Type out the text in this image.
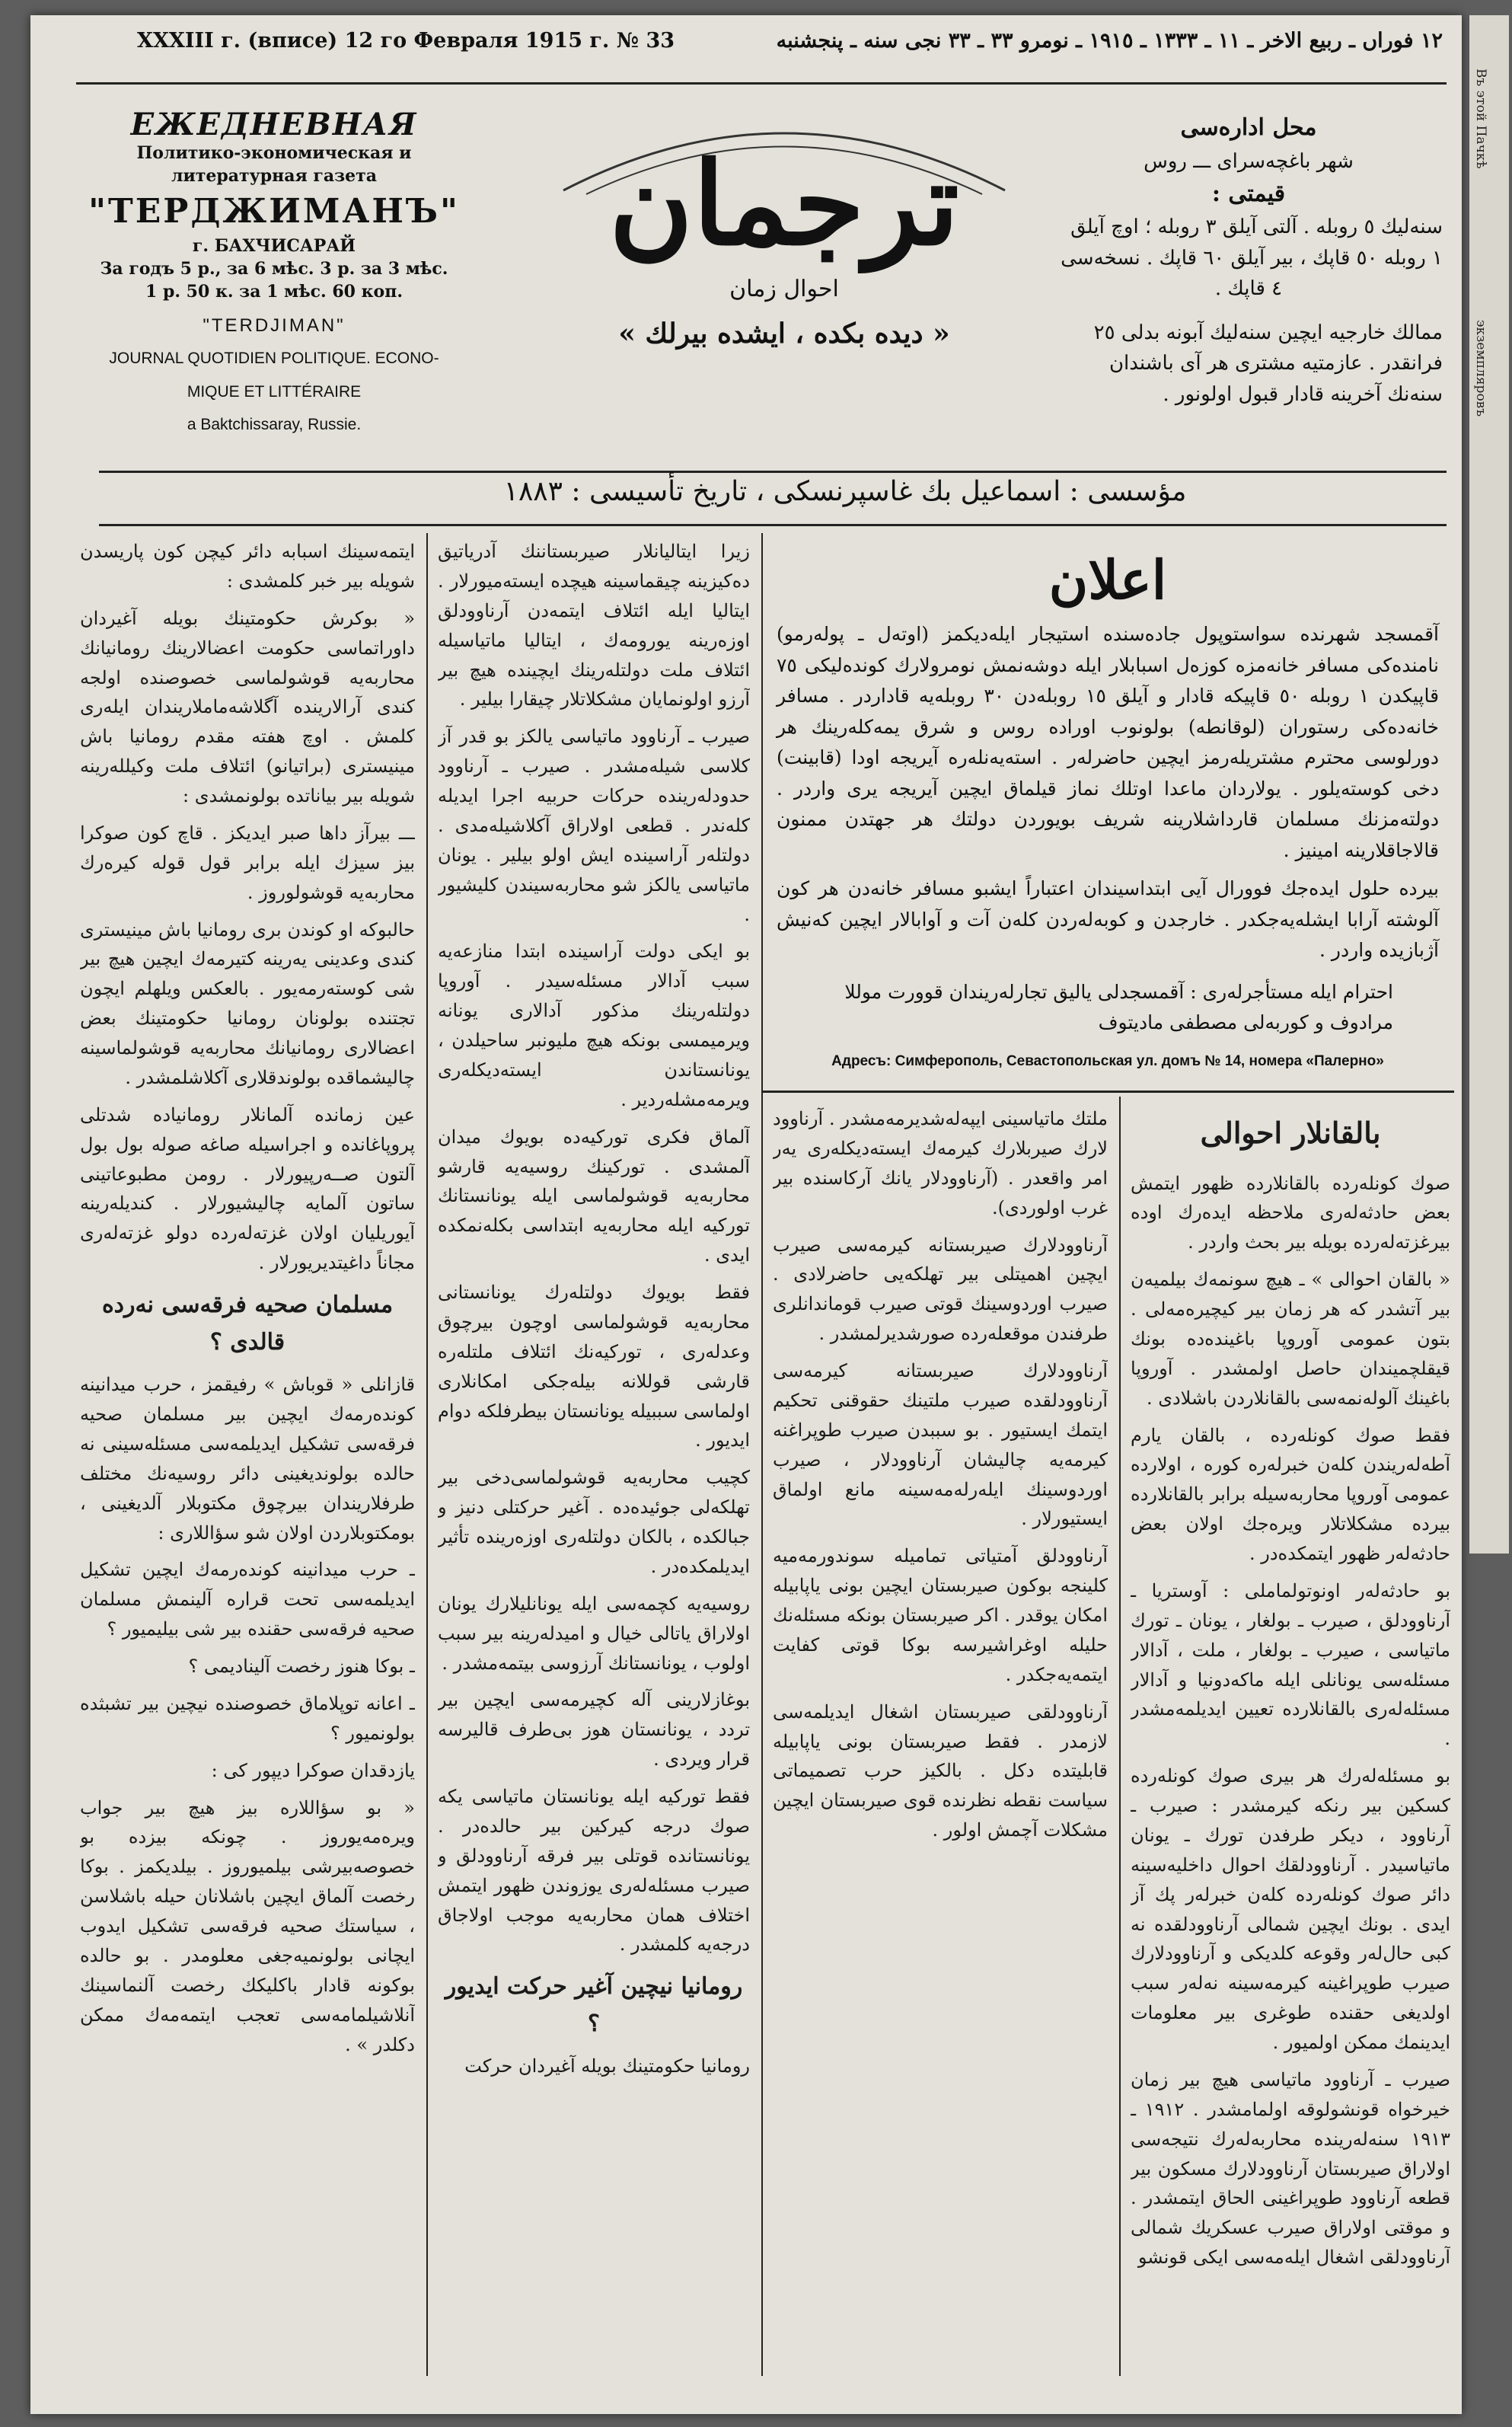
Въ этой Пачкѣ
экземпляровъ
XXXIII г. (вписе) 12 го Февраля 1915 г. № 33	١٢ فوراں ـ ربيع الاخر ـ ١١ ـ ١٣٣٣ ـ ١٩١٥ ـ نومرو ٣٣ ـ ٣٣ نجى سنه ـ پنجشنبه
ЕЖЕДНЕВНАЯ
Политико-экономическая и литературная газета
"ТЕРДЖИМАНЪ"
г. БАХЧИСАРАЙ
За годъ 5 р., за 6 мѣс. 3 р. за 3 мѣс.
1 р. 50 к. за 1 мѣс. 60 коп.
"TERDJIMAN"
JOURNAL QUOTIDIEN POLITIQUE. ECONO-
MIQUE ET LITTÉRAIRE
a Baktchissaray, Russie.
ترجمان
احوال زمان
« ديده بكده ، ايشده بيرلك »
محل اداره‌سی
شهر باغچه‌سرای ـــ روس
قیمتی :
سنه‌لیك ٥ روبله . آلتی آیلق ٣ روبله ؛ اوچ آیلق
١ روبله ٥٠ قاپك ، بیر آیلق ٦٠ قاپك . نسخه‌سی
٤ قاپك .
ممالك خارجیه ایچین سنه‌لیك آبونه بدلی ٢٥ فرانقدر . عازمتیه مشتری هر آی باشندان سنه‌نك آخرینه قادار قبول اولونور .
مؤسسی : اسماعیل بك غاسپرنسكی ، تاریخ تأسیسی : ١٨٨٣
اعلان
آقمسجد شهرنده سواستوپول جاده‌سنده استیجار ایله‌دیکمز (اوتەل ـ پولەرمو) نامنده‌كی مسافر خانه‌مزه کوزەل اسبابلار ایله دوشەنمش نومرولارك کونده‌لیکی ٧٥ قاپیکدن ١ روبله ٥٠ قاپیکه قادار و آیلق ١٥ روبله‌دن ٣٠ روبله‌یه قادار‌در . مسافر خانه‌ده‌کی رستوران (لوقانطه) بولونوب اورادە روس و شرق یمه‌کلەرینك هر دورلوسی محترم مشتریلەرمز ایچین حاضرلەر . استه‌یه‌نلەرە آیریجه اودا (قابینت) دخی کوسته‌یلور . یولاردان ماعدا اوتلك نماز قیلماق ایچین آیریجه یری واردر . دولته‌مزنك مسلمان قارداشلارینه شریف بویوردن دولتك هر جهتدن ممنون قالاجاقلارینه امینیز .
بیرده حلول ایده‌جك فوورال آیی ابتداسیندان اعتباراً ایشبو مسافر خانه‌دن هر کون آلوشته آرابا ایشله‌یه‌جكدر . خارجدن و کوبه‌لەردن کلەن آت و آوابالار ایچین کەنیش آژبازیده واردر .
احترام ایله مستأجرلەری : آقمسجدلی یالیق تجارلەریندان قوورت موللا
مرادوف و کوربه‌لی مصطفی مادیتوف
Адресъ: Симферополь, Севастопольская ул. домъ № 14, номера «Палерно»

ایتمه‌سینك اسبابه دائر کیچن کون پاریسدن شویله بیر خبر کلمشدی :

« بوکرش حکومتینك بویله آغیردان داوراتماسی حکومت اعضالارینك رومانیانك محاربه‌یه قوشولماسی خصوصنده اولجه کندی آرالارینده آگلاشه‌ماملاریندان ایلەری کلمش . اوچ هفته مقدم رومانیا باش مینیستری (براتیانو) ائتلاف ملت وکیللەرینه شویله بیر بیاناتده بولونمشدی :

ـــ بیرآز داها صبر ایدیکز . قاچ کون صوکرا بیز سیزك ایله برابر قول قوله کیره‌رك محاربه‌یه قوشولوروز .

حالبوكه او کوندن بری رومانیا باش مینیستری کندی وعدینی یەرینه کتیرمەك ایچین هیچ بیر شی کوستەرمەیور . بالعکس ویلهلم ایچون تجتنده بولونان رومانیا حکومتینك بعض اعضالاری رومانیانك محاربه‌یه قوشولماسینه چالیشماقده بولوندقلاری آکلاشلمشدر .

عین زمانده آلمانلار رومانیاده شدتلی پروپاغانده و اجراسیله صاغه صوله بول بول آلتون صــەرپیورلار . رومن مطبوعاتینی ساتون آلمایه چالیشیورلار . کندیلەرینه آیوریلیان اولان غزته‌لەرده دولو غزته‌لەری مجاناً داغیتدیریورلار .

مسلمان صحیه فرقه‌سی نەرده قالدی ؟

قازانلی « قوباش » رفیقمز ، حرب میدانینه کوندەرمەك ایچین بیر مسلمان صحیه فرقه‌سی تشکیل ایدیلمه‌سی مسئله‌سینی نه حالده بولوندیغینی دائر روسیه‌نك مختلف طرفلاریندان بیرچوق مکتوبلار آلدیغینی ، بومکتوبلاردن اولان شو سؤاللاری :

ـ حرب میدانینه کوندەرمەك ایچین تشکیل ایدیلمەسی تحت قراره آلینمش مسلمان صحیه فرقه‌سی حقنده بیر شی بیلیمیور ؟

ـ بوکا هنوز رخصت آلینادیمی ؟

ـ اعانه توپلاماق خصوصنده نیچین بیر تشبثده بولونمیور ؟

یازدقدان صوكرا دیپور کی :

« بو سؤاللاره بیز هیچ بیر جواب ویره‌مەیوروز . چونكه بیزده بو خصوصه‌بیرشی بیلمیوروز . بیلدیكمز . بوكا رخصت آلماق ایچین باشلانان حیله باشلاسن ، سیاستك صحیه فرقه‌سی تشکیل ایدوب ایچانی بولونمیه‌جغی معلومدر . بو حالده بوکونه قادار باکلیكك رخصت آلنماسینك آنلاشیلمامه‌سی تعجب ایتمەمەك ممکن دکلدر » .

زیرا ایتالیانلار صیربستاننك آدریاتیق دەکیزینه چیقماسینه هیچده ایستەمیورلار . ایتالیا ایله ائتلاف ایتمەدن آرناوودلق اوزەرینه یورومەك ، ایتالیا ماتیاسیلە ائتلاف ملت دولتلەرینك ایچینده هیچ بیر آرزو اولونمایان مشکلاتلار چیقارا بیلیر .

صیرب ـ آرناوود ماتیاسی یالکز بو قدر آز کلاسی شیلەمشدر . صیرب ـ آرناوود حدودلەرینده حرکات حربیه اجرا ایدیله کلەندر . قطعی اولاراق آکلاشیلەمدی . دولتلەر آراسینده ایش اولو بیلیر . یونان ماتیاسی یالکز شو محاربه‌سیندن کلیشیور .

بو ایکی دولت آراسینده ابتدا منازعه‌یه سبب آدالار مسئله‌سیدر . آوروپا دولتلەرینك مذکور آدالاری یونانه ویرمیمسی بونکه هیچ ملیونبر ساحیلدن ، یونانستاندن ایستەدیکلەری ویرمەمشلەردیر .

آلماق فکری تورکیه‌ده بویوك میدان آلمشدی . تورکینك روسیه‌یه قارشو محاربه‌یه قوشولماسی ایله یونانستانك تورکیه ایله محاربه‌یه ابتداسی بکلەنمکده ایدی .

فقط بویوك دولتلەرك یونانستانی محاربه‌یه قوشولماسی اوچون بیرچوق وعدلەری ، تورکیه‌نك ائتلاف ملتلەره قارشی قوللانه بیلەجكی امکانلاری اولماسی سببیله یونانستان بیطرفلکه دوام ایدیور .

کچیب محاربه‌یه قوشولماسی‌دخی بیر تهلکه‌لی جوئیده‌ده . آغیر حرکتلی دنیز و جبالكده ، بالکان دولتلەری اوزەرینده تأثیر ایدیلمکدەدر .

روسیه‌یه کچمه‌سی ایله یونانلیلارك یونان اولاراق یاتالی خیال و امیدلەرینه بیر سبب اولوب ، یونانستانك آرزوسی بیتمەمشدر .

بوغازلارینی آله کچیرمه‌سی ایچین بیر تردد ، یونانستان هوز بی‌طرف قالیرسه قرار ویردی .

فقط تورکیه ایله یونانستان ماتیاسی یکه صوك درجه کیرکین بیر حالده‌در . یونانستانده قوتلی بیر فرقه آرناوودلق و صیرب مسئله‌لەری یوزوندن ظهور ایتمش اختلاف همان محاربه‌یه موجب اولاجاق درجه‌یه کلمشدر .

رومانیا نیچین آغیر حرکت ایدیور ؟

رومانیا حکومتینك بویله آغیردان حرکت

ملتك ماتیاسینی ایپه‌لەشدیرمەمشدر . آرناوود لارك صیربلارك کیرمەك ایستەدیکلەری یەر امر واقعدر . (آرناوودلار یانك آرکاسنده بیر غرب اولوردی).

آرناوودلارك صیربستانه کیرمه‌سی صیرب ایچین اهمیتلی بیر تهلکه‌یی حاضرلادی . صیرب اوردوسینك قوتی صیرب قوماندانلری طرفندن موقعلەرده صورشدیرلمشدر .

آرناوودلارك صیربستانه کیرمه‌سی آرناوودلقده صیرب ملتینك حقوقنی تحکیم ایتمك ایستیور . بو سببدن صیرب طوپراغنه کیرمه‌یه چالیشان آرناوودلار ، صیرب اوردوسینك ایلەرلەمه‌سینه مانع اولماق ایستیورلار .

آرناوودلق آمتیاتی تمامیله سوندورمەمیه کلینجه بوکون صیربستان ایچین بونی یاپابیله امکان یوقدر . اکر صیربستان بونکه مسئله‌نك حلیله اوغراشیرسه بوکا قوتی کفایت ایتمەیه‌جکدر .

آرناوودلقی صیربستان اشغال ایدیلمەسی لازمدر . فقط صیربستان بونی یاپابیله قابلیتده دکل . بالکیز حرب تصمیماتی سیاست نقطه نظرنده قوی صیربستان ایچین مشکلات آچمش اولور .

بالقانلار احوالی

صوك کونلەرده بالقانلارده ظهور ایتمش بعض حادثه‌لەری ملاحظه ایدەرك اوده بیرغزته‌لەرده بویله بیر بحث واردر .

« بالقان احوالی » ـ هیچ سونمەك بیلمیەن بیر آتشدر که هر زمان بیر کیچیره‌مەلی . بتون عمومی آوروپا باغینده‌ده بونك قیقلچمیندان حاصل اولمشدر . آوروپا باغینك آلولەنمه‌سی بالقانلاردن باشلادی .

فقط صوك کونلەرده ، بالقان یارم آطه‌لەریندن کلەن خبرلەره کوره ، اولارده عمومی آوروپا محاربه‌سیله برابر بالقانلارده بیرده مشکلاتلار ویره‌جك اولان بعض حادثه‌لەر ظهور ایتمکده‌در .

بو حادثه‌لەر اونوتولماملی : آوستریا ـ آرناوودلق ، صیرب ـ بولغار ، یونان ـ تورك ماتیاسی ، صیرب ـ بولغار ، ملت ، آدالار مسئله‌سی یونانلی ایله ماکەدونیا و آدالار مسئله‌لەری بالقانلارده تعیین ایدیلمەمشدر .

بو مسئله‌لەرك هر بیری صوك کونلەرده کسکین بیر رنکه کیرمشدر : صیرب ـ آرناوود ، دیکر طرفدن تورك ـ یونان ماتیاسیدر . آرناوودلقك احوال داخلیه‌سینه دائر صوك کونلەرده کلەن خبرلەر پك آز ایدی . بونك ایچین شمالی آرناوودلقده نه کبی حال‌لەر وقوعه کلدیکی و آرناوودلارك صیرب طوپراغینه کیرمه‌سینه نه‌لەر سبب اولدیغی حقنده طوغری بیر معلومات ایدینمك ممکن اولمیور .

صیرب ـ آرناوود ماتیاسی هیچ بیر زمان خیرخواه قونشولوقه اولمامشدر . ١٩١٢ ـ ١٩١٣ سنه‌لەرینده محاربه‌لەرك نتیجه‌سی اولاراق صیربستان آرناوودلارك مسکون بیر قطعه آرناوود طوپراغینی الحاق ایتمشدر . و موقتی اولاراق صیرب عسکریك شمالی آرناوودلقی اشغال ایله‌مه‌سی ایکی قونشو
